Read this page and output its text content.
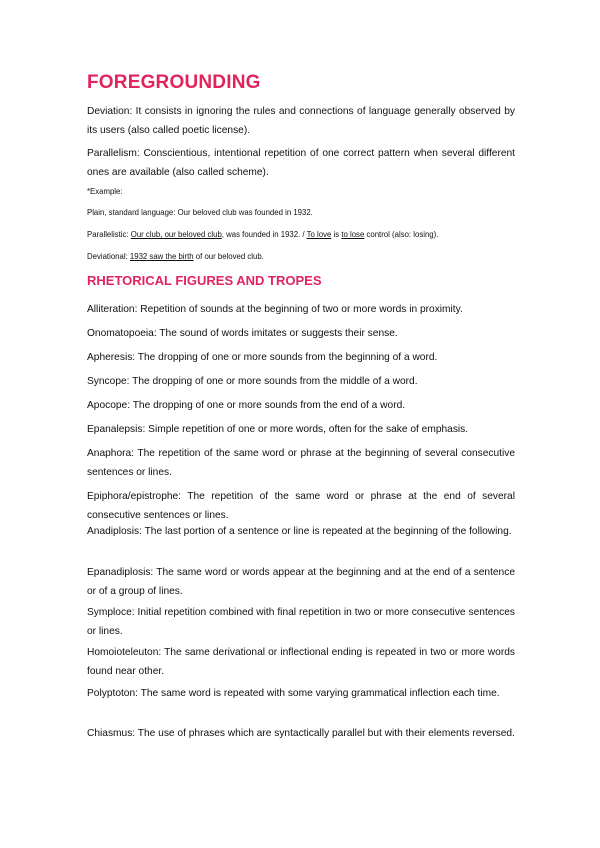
FOREGROUNDING
Deviation: It consists in ignoring the rules and connections of language generally observed by its users (also called poetic license).
Parallelism: Conscientious, intentional repetition of one correct pattern when several different ones are available (also called scheme).
*Example:
Plain, standard language: Our beloved club was founded in 1932.
Parallelistic: Our club, our beloved club, was founded in 1932. / To love is to lose control (also: losing).
Deviational: 1932 saw the birth of our beloved club.
RHETORICAL FIGURES AND TROPES
Alliteration: Repetition of sounds at the beginning of two or more words in proximity.
Onomatopoeia: The sound of words imitates or suggests their sense.
Apheresis: The dropping of one or more sounds from the beginning of a word.
Syncope: The dropping of one or more sounds from the middle of a word.
Apocope: The dropping of one or more sounds from the end of a word.
Epanalepsis: Simple repetition of one or more words, often for the sake of emphasis.
Anaphora: The repetition of the same word or phrase at the beginning of several consecutive sentences or lines.
Epiphora/epistrophe: The repetition of the same word or phrase at the end of several consecutive sentences or lines.
Anadiplosis: The last portion of a sentence or line is repeated at the beginning of the following.
Epanadiplosis: The same word or words appear at the beginning and at the end of a sentence or of a group of lines.
Symploce: Initial repetition combined with final repetition in two or more consecutive sentences or lines.
Homoioteleuton: The same derivational or inflectional ending is repeated in two or more words found near other.
Polyptoton: The same word is repeated with some varying grammatical inflection each time.
Chiasmus: The use of phrases which are syntactically parallel but with their elements reversed.
